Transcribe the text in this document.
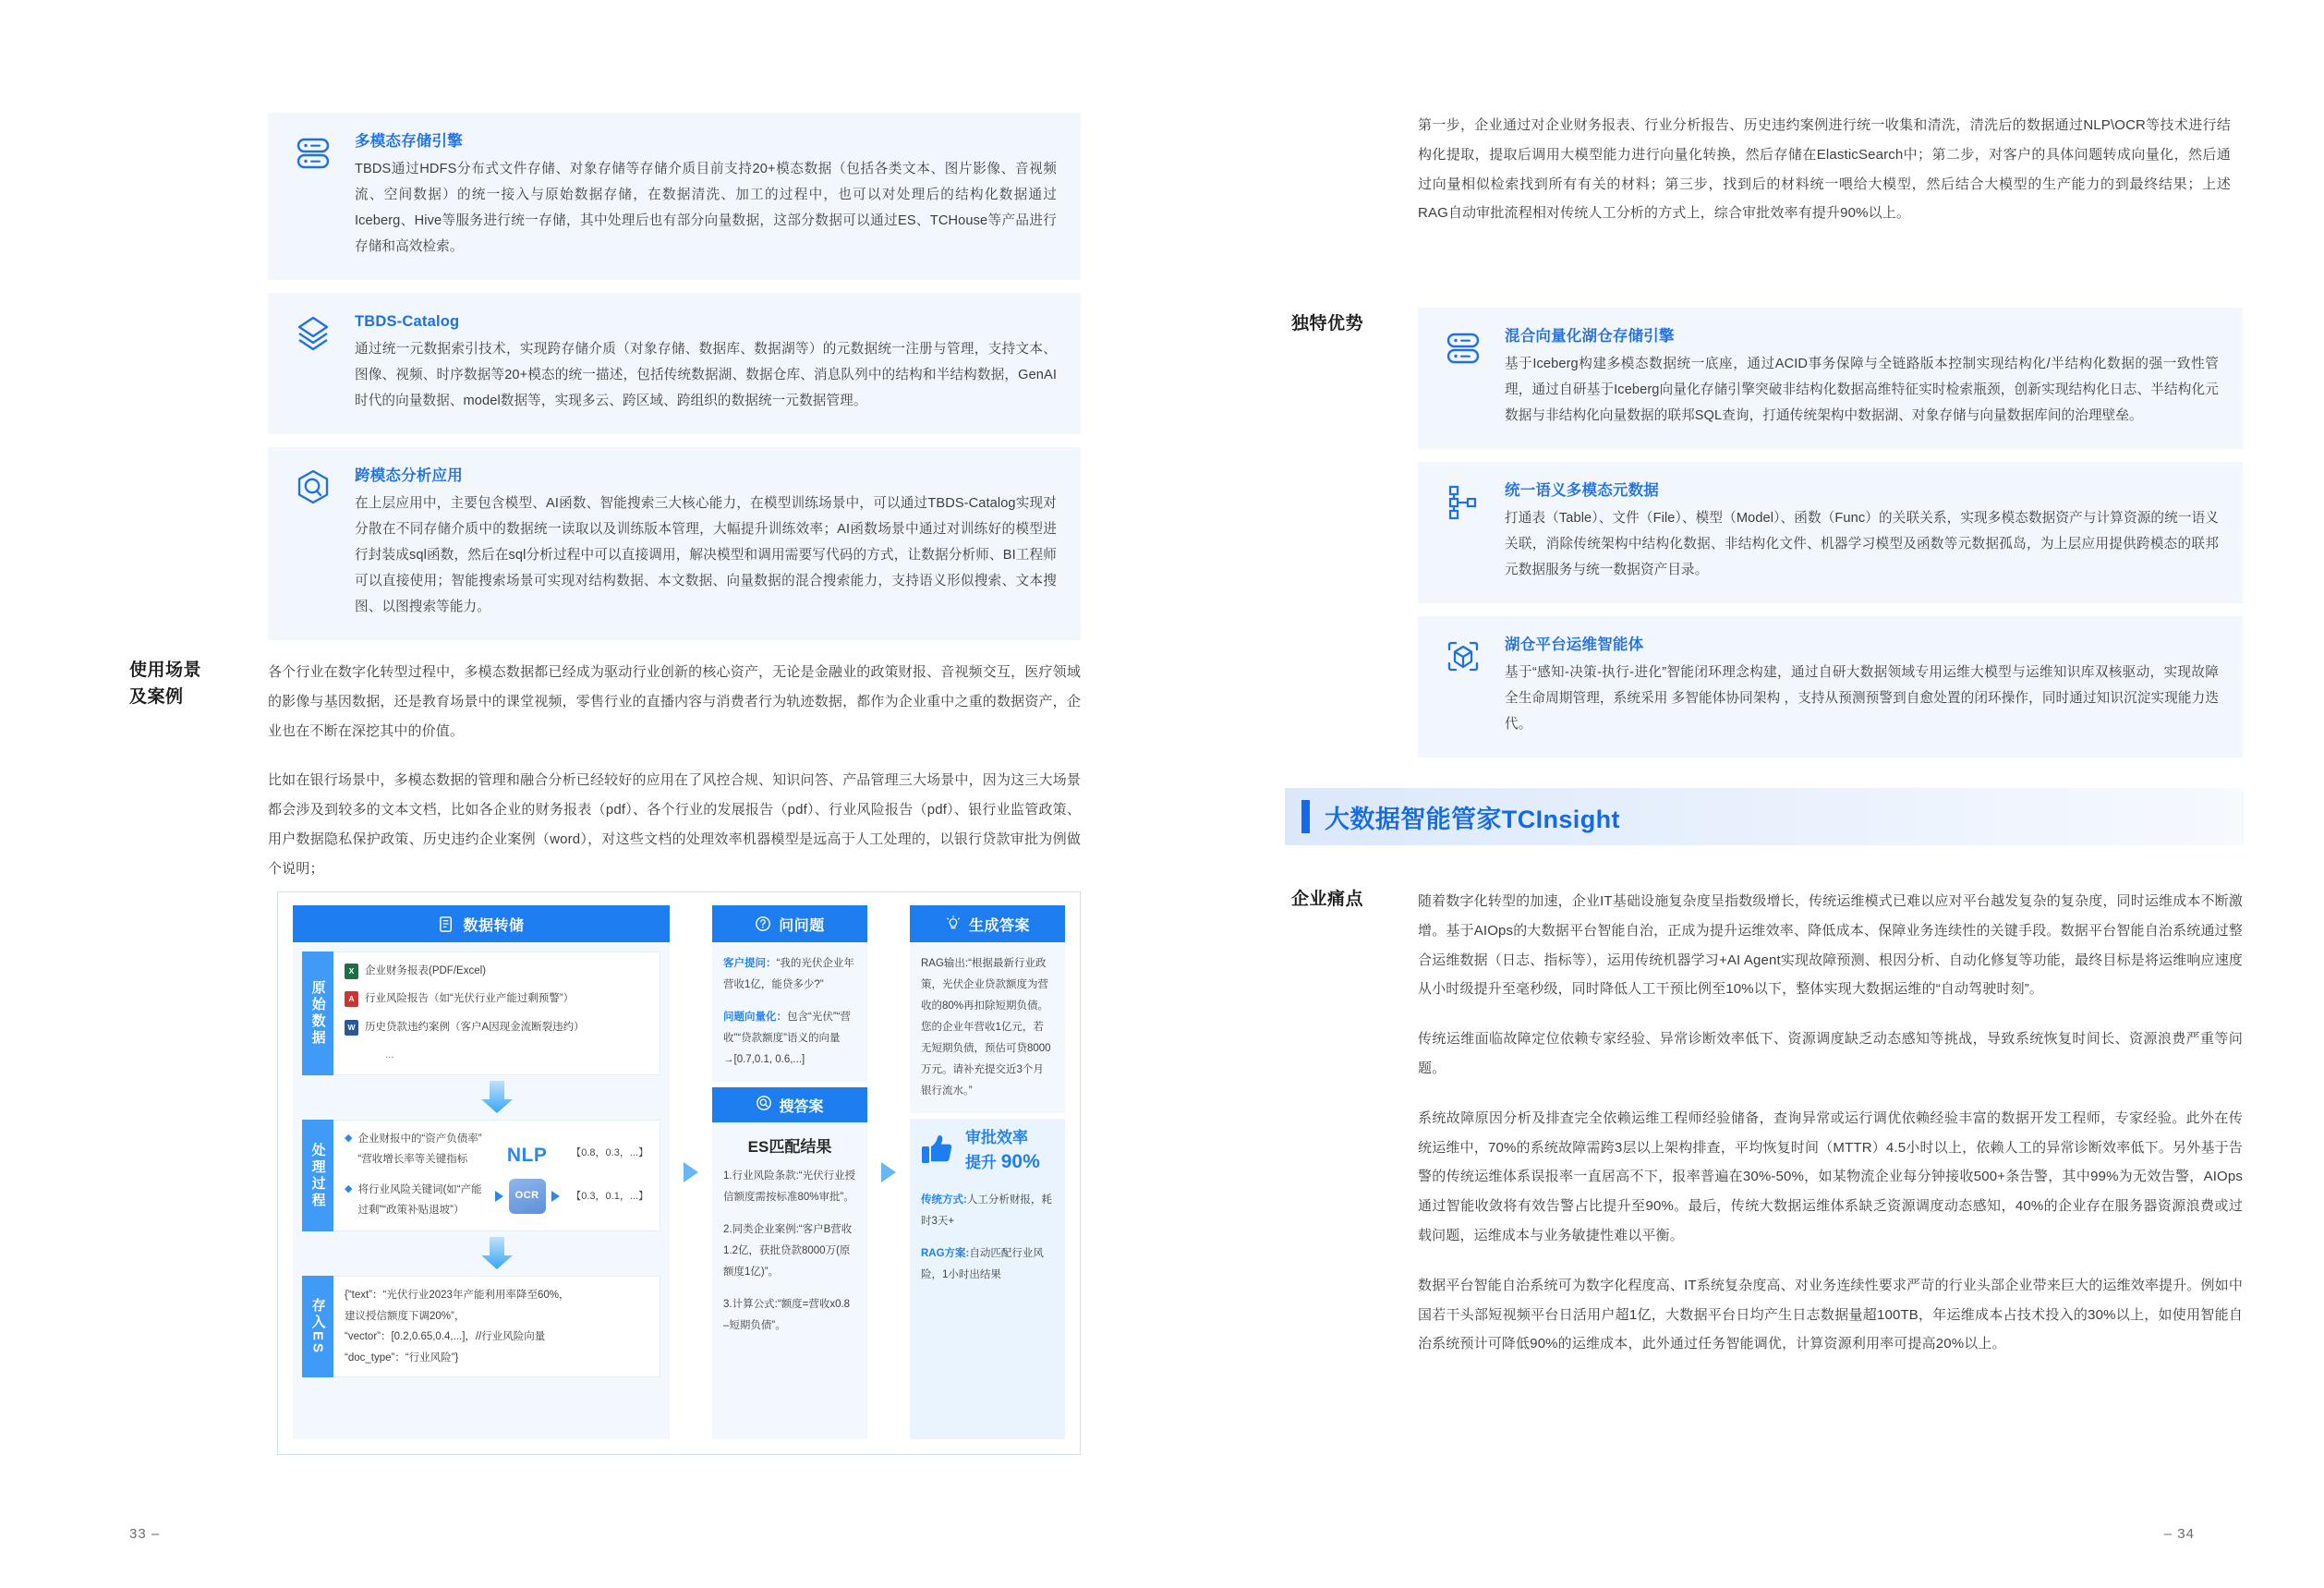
多模态存储引擎
TBDS通过HDFS分布式文件存储、对象存储等存储介质目前支持20+模态数据（包括各类文本、图片影像、音视频流、空间数据）的统一接入与原始数据存储，在数据清洗、加工的过程中，也可以对处理后的结构化数据通过Iceberg、Hive等服务进行统一存储，其中处理后也有部分向量数据，这部分数据可以通过ES、TCHouse等产品进行存储和高效检索。
TBDS-Catalog
通过统一元数据索引技术，实现跨存储介质（对象存储、数据库、数据湖等）的元数据统一注册与管理，支持文本、图像、视频、时序数据等20+模态的统一描述，包括传统数据湖、数据仓库、消息队列中的结构和半结构数据，GenAI时代的向量数据、model数据等，实现多云、跨区域、跨组织的数据统一元数据管理。
跨模态分析应用
在上层应用中，主要包含模型、AI函数、智能搜索三大核心能力，在模型训练场景中，可以通过TBDS-Catalog实现对分散在不同存储介质中的数据统一读取以及训练版本管理，大幅提升训练效率；AI函数场景中通过对训练好的模型进行封装成sql函数，然后在sql分析过程中可以直接调用，解决模型和调用需要写代码的方式，让数据分析师、BI工程师可以直接使用；智能搜索场景可实现对结构数据、本文数据、向量数据的混合搜索能力，支持语义形似搜索、文本搜图、以图搜索等能力。
使用场景
及案例

各个行业在数字化转型过程中，多模态数据都已经成为驱动行业创新的核心资产，无论是金融业的政策财报、音视频交互，医疗领域的影像与基因数据，还是教育场景中的课堂视频，零售行业的直播内容与消费者行为轨迹数据，都作为企业重中之重的数据资产，企业也在不断在深挖其中的价值。

比如在银行场景中，多模态数据的管理和融合分析已经较好的应用在了风控合规、知识问答、产品管理三大场景中，因为这三大场景都会涉及到较多的文本文档，比如各企业的财务报表（pdf）、各个行业的发展报告（pdf）、行业风险报告（pdf）、银行业监管政策、用户数据隐私保护政策、历史违约企业案例（word），对这些文档的处理效率机器模型是远高于人工处理的，以银行贷款审批为例做个说明；

数据转储
原始数据
X	企业财务报表(PDF/Excel)
A 行业风险报告（如“光伏行业产能过剩预警”）
W 历史贷款违约案例（客户A因现金流断裂违约）
...
处理过程
◆ 企业财报中的“资产负债率”“营收增长率等关键指标
◆ 将行业风险关键词(如“产能过剩”“政策补贴退坡”）
NLP
OCR
【0.8，0.3，...】
【0.3，0.1，...】
存入ES
{“text”：“光伏行业2023年产能利用率降至60%，
建议授信额度下调20%”，
“vector”：[0.2,0.65,0.4,...]，//行业风险向量
“doc_type”：“行业风险”}
问问题
客户提问：“我的光伏企业年营收1亿，能贷多少?”
问题向量化：包含“光伏”“营收”“贷款额度”语义的向量→[0.7,0.1, 0.6,...]
搜答案
ES匹配结果
1.行业风险条款:“光伏行业授信额度需按标准80%审批”。
2.同类企业案例:“客户B营收1.2亿，获批贷款8000万(原额度1亿)”。
3.计算公式:“额度=营收x0.8 –短期负债”。
生成答案
RAG输出:“根据最新行业政策，光伏企业贷款额度为营收的80%再扣除短期负债。您的企业年营收1亿元，若无短期负债，预估可贷8000万元。请补充提交近3个月银行流水。”
审批效率
提升 90%
传统方式:人工分析财报，耗时3天+
RAG方案:自动匹配行业风险，1小时出结果
33 –

第一步，企业通过对企业财务报表、行业分析报告、历史违约案例进行统一收集和清洗，清洗后的数据通过NLP\OCR等技术进行结构化提取，提取后调用大模型能力进行向量化转换，然后存储在ElasticSearch中；第二步，对客户的具体问题转成向量化，然后通过向量相似检索找到所有有关的材料；第三步，找到后的材料统一喂给大模型，然后结合大模型的生产能力的到最终结果；上述RAG自动审批流程相对传统人工分析的方式上，综合审批效率有提升90%以上。

独特优势
混合向量化湖仓存储引擎
基于Iceberg构建多模态数据统一底座，通过ACID事务保障与全链路版本控制实现结构化/半结构化数据的强一致性管理，通过自研基于Iceberg向量化存储引擎突破非结构化数据高维特征实时检索瓶颈，创新实现结构化日志、半结构化元数据与非结构化向量数据的联邦SQL查询，打通传统架构中数据湖、对象存储与向量数据库间的治理壁垒。
统一语义多模态元数据
打通表（Table）、文件（File）、模型（Model）、函数（Func）的关联关系，实现多模态数据资产与计算资源的统一语义关联，消除传统架构中结构化数据、非结构化文件、机器学习模型及函数等元数据孤岛，为上层应用提供跨模态的联邦元数据服务与统一数据资产目录。
湖仓平台运维智能体
基于“感知-决策-执行-进化”智能闭环理念构建，通过自研大数据领域专用运维大模型与运维知识库双核驱动，实现故障全生命周期管理，系统采用 多智能体协同架构 ，支持从预测预警到自愈处置的闭环操作，同时通过知识沉淀实现能力迭代。
大数据智能管家TCInsight
企业痛点	随着数字化转型的加速，企业IT基础设施复杂度呈指数级增长，传统运维模式已难以应对平台越发复杂的复杂度，同时运维成本不断激增。基于AIOps的大数据平台智能自治，正成为提升运维效率、降低成本、保障业务连续性的关键手段。数据平台智能自治系统通过整合运维数据（日志、指标等），运用传统机器学习+AI Agent实现故障预测、根因分析、自动化修复等功能，最终目标是将运维响应速度从小时级提升至毫秒级，同时降低人工干预比例至10%以下，整体实现大数据运维的“自动驾驶时刻”。

传统运维面临故障定位依赖专家经验、异常诊断效率低下、资源调度缺乏动态感知等挑战，导致系统恢复时间长、资源浪费严重等问题。

系统故障原因分析及排查完全依赖运维工程师经验储备，查询异常或运行调优依赖经验丰富的数据开发工程师，专家经验。此外在传统运维中，70%的系统故障需跨3层以上架构排查，平均恢复时间（MTTR）4.5小时以上，依赖人工的异常诊断效率低下。另外基于告警的传统运维体系误报率一直居高不下，报率普遍在30%-50%，如某物流企业每分钟接收500+条告警，其中99%为无效告警，AIOps通过智能收敛将有效告警占比提升至90%。最后，传统大数据运维体系缺乏资源调度动态感知，40%的企业存在服务器资源浪费或过载问题，运维成本与业务敏捷性难以平衡。

数据平台智能自治系统可为数字化程度高、IT系统复杂度高、对业务连续性要求严苛的行业头部企业带来巨大的运维效率提升。例如中国若干头部短视频平台日活用户超1亿，大数据平台日均产生日志数据量超100TB，年运维成本占技术投入的30%以上，如使用智能自治系统预计可降低90%的运维成本，此外通过任务智能调优，计算资源利用率可提高20%以上。

– 34
